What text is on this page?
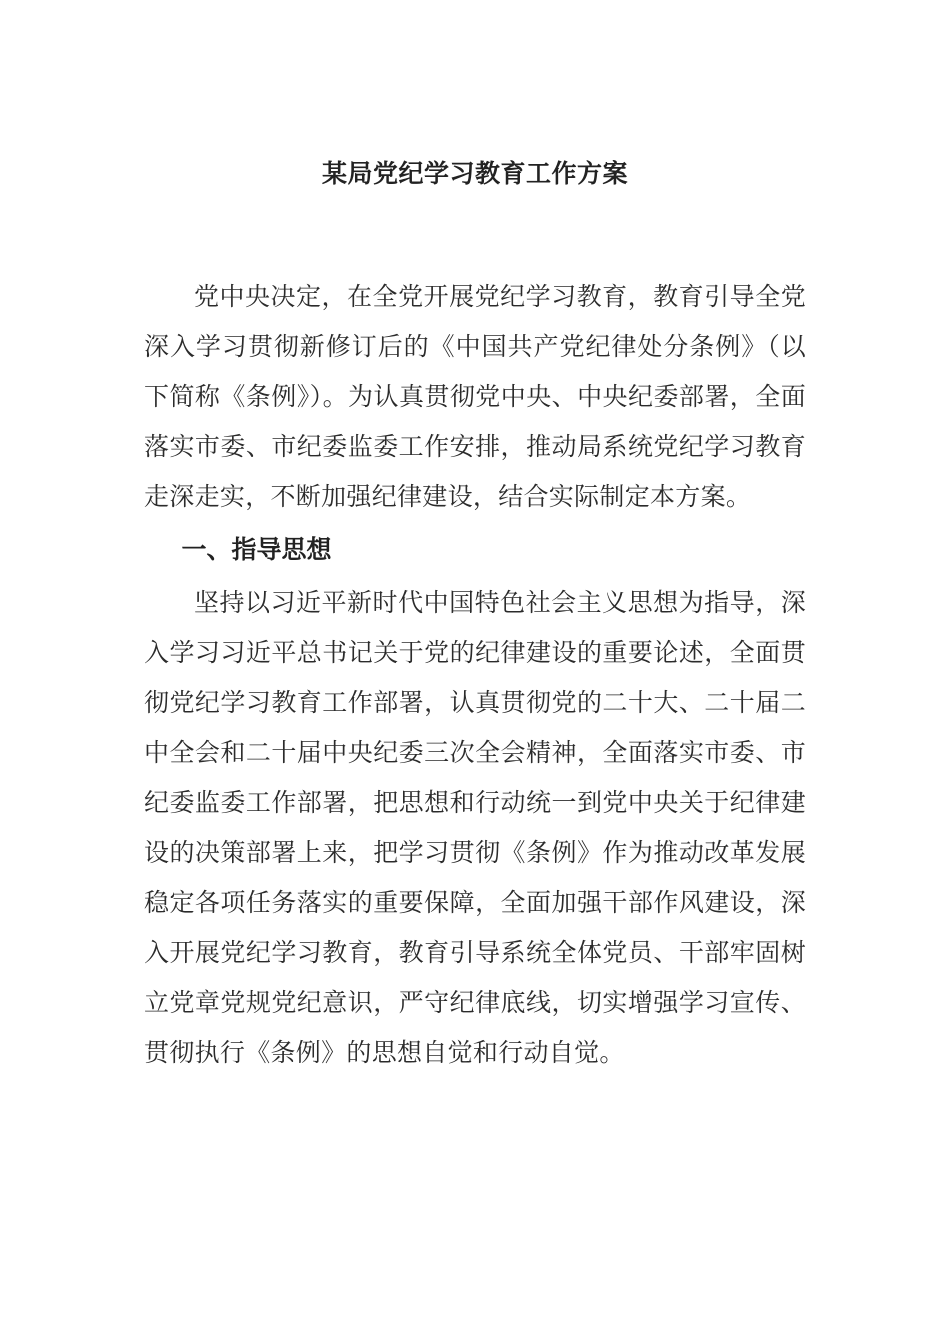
某局党纪学习教育工作方案

党中央决定，在全党开展党纪学习教育，教育引导全党深入学习贯彻新修订后的《中国共产党纪律处分条例》（以下简称《条例》）。为认真贯彻党中央、中央纪委部署，全面落实市委、市纪委监委工作安排，推动局系统党纪学习教育走深走实，不断加强纪律建设，结合实际制定本方案。

一、指导思想

坚持以习近平新时代中国特色社会主义思想为指导，深入学习习近平总书记关于党的纪律建设的重要论述，全面贯彻党纪学习教育工作部署，认真贯彻党的二十大、二十届二中全会和二十届中央纪委三次全会精神，全面落实市委、市纪委监委工作部署，把思想和行动统一到党中央关于纪律建设的决策部署上来，把学习贯彻《条例》作为推动改革发展稳定各项任务落实的重要保障，全面加强干部作风建设，深入开展党纪学习教育，教育引导系统全体党员、干部牢固树立党章党规党纪意识，严守纪律底线，切实增强学习宣传、贯彻执行《条例》的思想自觉和行动自觉。
